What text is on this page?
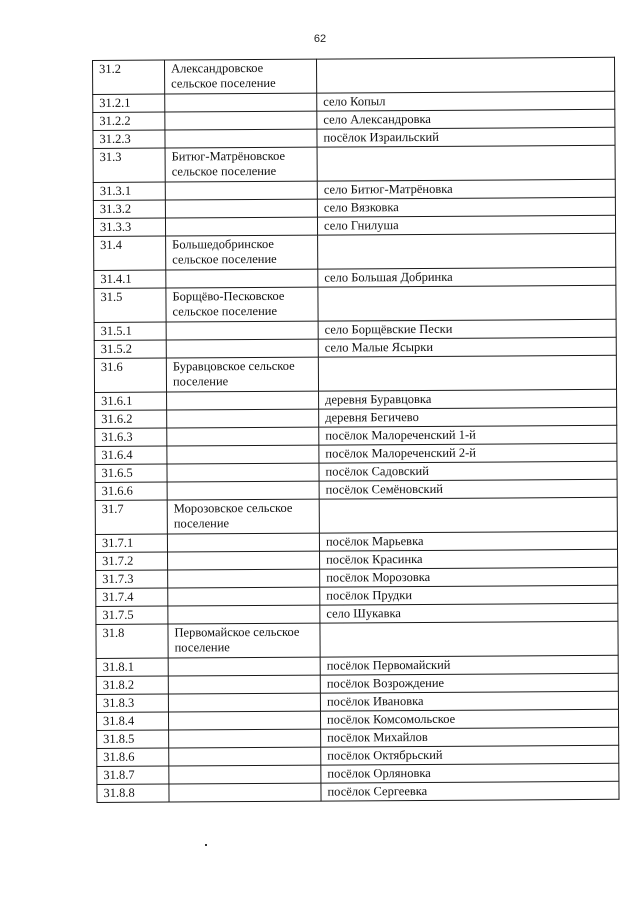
62
31.2	Александровское сельское поселение	
31.2.1		село Копыл
31.2.2		село Александровка
31.2.3		посёлок Израильский
31.3	Битюг-Матрёновское сельское поселение	
31.3.1		село Битюг-Матрёновка
31.3.2		село Вязковка
31.3.3		село Гнилуша
31.4	Большедобринское сельское поселение	
31.4.1		село Большая Добринка
31.5	Борщёво-Песковское сельское поселение	
31.5.1		село Борщёвские Пески
31.5.2		село Малые Ясырки
31.6	Буравцовское сельское поселение	
31.6.1		деревня Буравцовка
31.6.2		деревня Бегичево
31.6.3		посёлок Малореченский 1-й
31.6.4		посёлок Малореченский 2-й
31.6.5		посёлок Садовский
31.6.6		посёлок Семёновский
31.7	Морозовское сельское поселение	
31.7.1		посёлок Марьевка
31.7.2		посёлок Красинка
31.7.3		посёлок Морозовка
31.7.4		посёлок Прудки
31.7.5		село Шукавка
31.8	Первомайское сельское поселение	
31.8.1		посёлок Первомайский
31.8.2		посёлок Возрождение
31.8.3		посёлок Ивановка
31.8.4		посёлок Комсомольское
31.8.5		посёлок Михайлов
31.8.6		посёлок Октябрьский
31.8.7		посёлок Орляновка
31.8.8		посёлок Сергеевка
